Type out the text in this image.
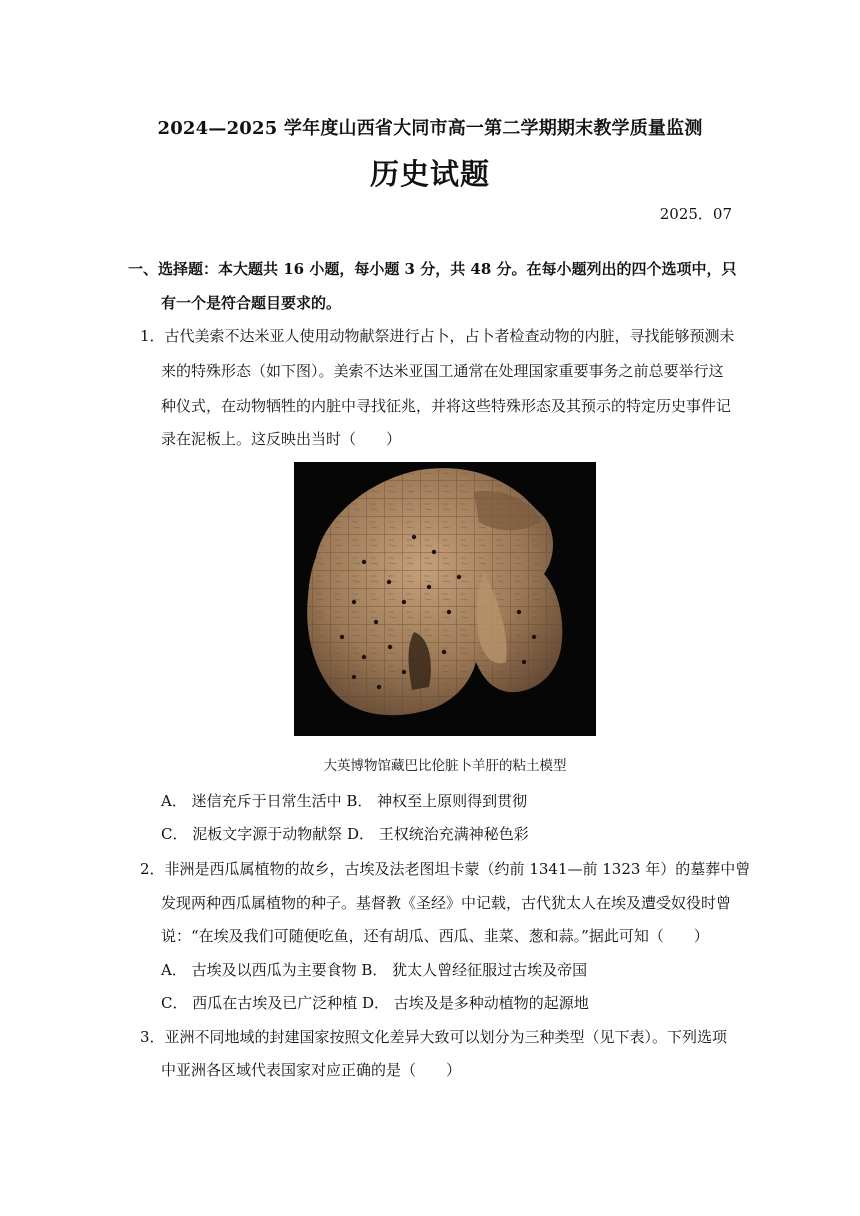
2024—2025 学年度山西省大同市高一第二学期期末教学质量监测
历史试题
2025．07
一、选择题：本大题共 16 小题，每小题 3 分，共 48 分。在每小题列出的四个选项中，只
有一个是符合题目要求的。
1．古代美索不达米亚人使用动物献祭进行占卜，占卜者检查动物的内脏，寻找能够预测未
来的特殊形态（如下图）。美索不达米亚国工通常在处理国家重要事务之前总要举行这
种仪式，在动物牺牲的内脏中寻找征兆，并将这些特殊形态及其预示的特定历史事件记
录在泥板上。这反映出当时（　　）
大英博物馆藏巴比伦脏卜羊肝的粘土模型
A． 迷信充斥于日常生活中 B． 神权至上原则得到贯彻
C． 泥板文字源于动物献祭 D． 王权统治充满神秘色彩
2．非洲是西瓜属植物的故乡，古埃及法老图坦卡蒙（约前 1341—前 1323 年）的墓葬中曾
发现两种西瓜属植物的种子。基督教《圣经》中记载，古代犹太人在埃及遭受奴役时曾
说：“在埃及我们可随便吃鱼，还有胡瓜、西瓜、韭菜、葱和蒜。”据此可知（　　）
A． 古埃及以西瓜为主要食物 B． 犹太人曾经征服过古埃及帝国
C． 西瓜在古埃及已广泛种植 D． 古埃及是多种动植物的起源地
3．亚洲不同地域的封建国家按照文化差异大致可以划分为三种类型（见下表）。下列选项
中亚洲各区域代表国家对应正确的是（　　）
